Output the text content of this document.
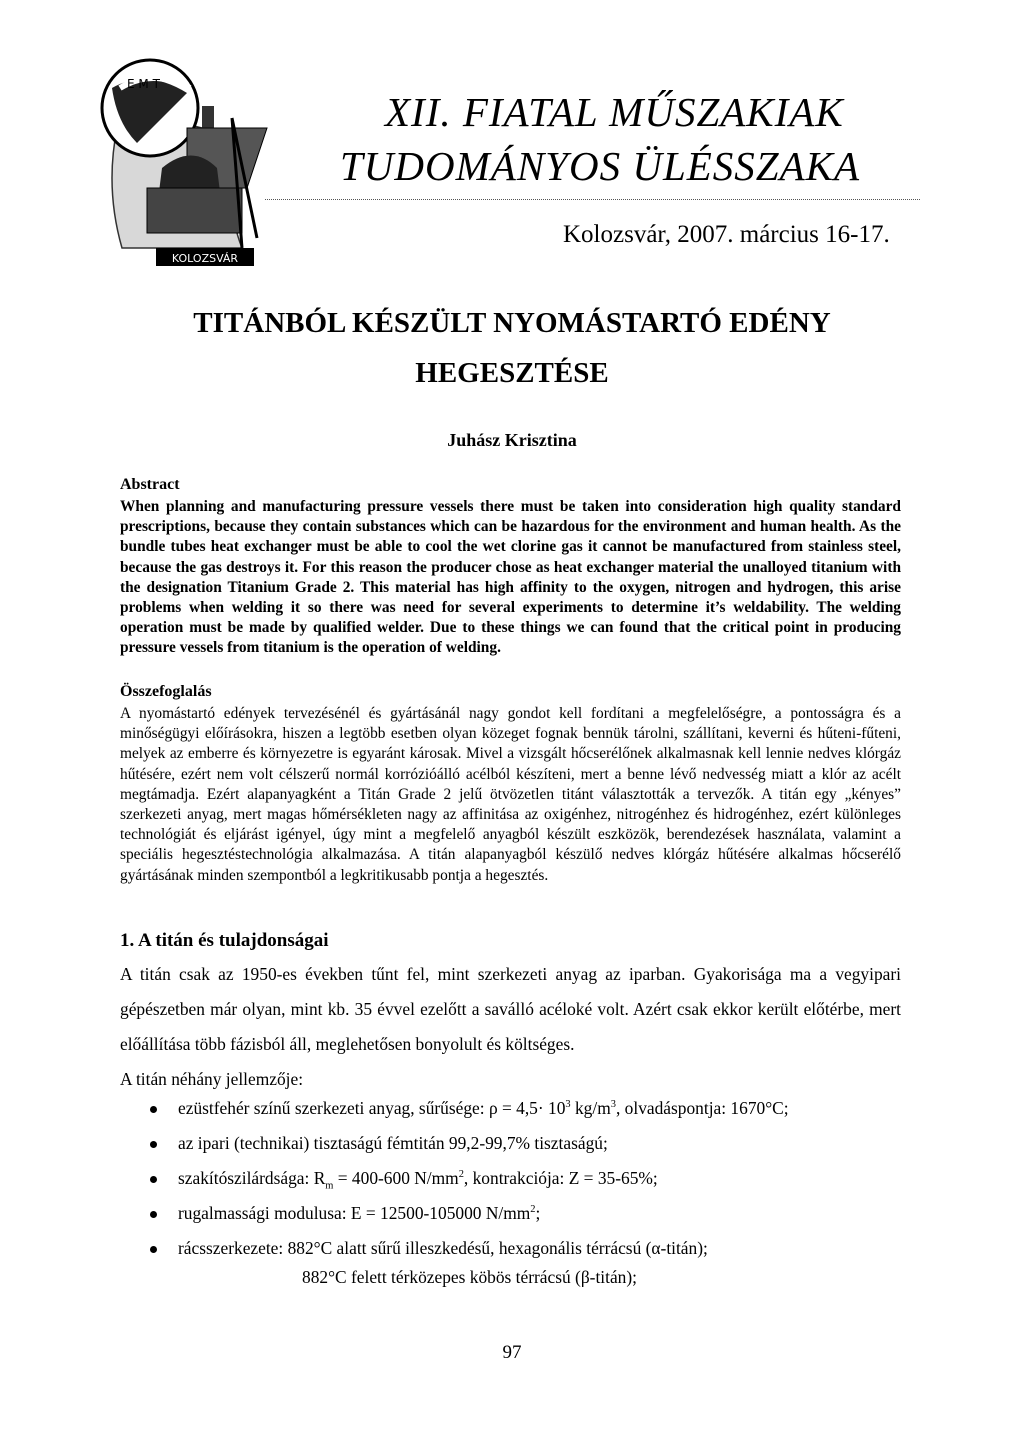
E M T
KOLOZSVÁR
XII. FIATAL MŰSZAKIAK
TUDOMÁNYOS ÜLÉSSZAKA
Kolozsvár, 2007. március 16-17.
TITÁNBÓL KÉSZÜLT NYOMÁSTARTÓ EDÉNY
HEGESZTÉSE
Juhász Krisztina
Abstract
When planning and manufacturing pressure vessels there must be taken into consideration high quality standard prescriptions, because they contain substances which can be hazardous for the environment and human health. As the bundle tubes heat exchanger must be able to cool the wet clorine gas it cannot be manufactured from stainless steel, because the gas destroys it. For this reason the producer chose as heat exchanger material the unalloyed titanium with the designation Titanium Grade 2. This material has high affinity to the oxygen, nitrogen and hydrogen, this arise problems when welding it so there was need for several experiments to determine it’s weldability. The welding operation must be made by qualified welder. Due to these things we can found that the critical point in producing pressure vessels from titanium is the operation of welding.
Összefoglalás
A nyomástartó edények tervezésénél és gyártásánál nagy gondot kell fordítani a megfelelőségre, a pontosságra és a minőségügyi előírásokra, hiszen a legtöbb esetben olyan közeget fognak bennük tárolni, szállítani, keverni és hűteni-fűteni, melyek az emberre és környezetre is egyaránt károsak. Mivel a vizsgált hőcserélőnek alkalmasnak kell lennie nedves klórgáz hűtésére, ezért nem volt célszerű normál korrózióálló acélból készíteni, mert a benne lévő nedvesség miatt a klór az acélt megtámadja. Ezért alapanyagként a Titán Grade 2 jelű ötvözetlen titánt választották a tervezők. A titán egy „kényes” szerkezeti anyag, mert magas hőmérsékleten nagy az affinitása az oxigénhez, nitrogénhez és hidrogénhez, ezért különleges technológiát és eljárást igényel, úgy mint a megfelelő anyagból készült eszközök, berendezések használata, valamint a speciális hegesztéstechnológia alkalmazása. A titán alapanyagból készülő nedves klórgáz hűtésére alkalmas hőcserélő gyártásának minden szempontból a legkritikusabb pontja a hegesztés.
1. A titán és tulajdonságai

A titán csak az 1950-es években tűnt fel, mint szerkezeti anyag az iparban. Gyakorisága ma a vegyipari gépészetben már olyan, mint kb. 35 évvel ezelőtt a saválló acéloké volt. Azért csak ekkor került előtérbe, mert előállítása több fázisból áll, meglehetősen bonyolult és költséges.

A titán néhány jellemzője:

ezüstfehér színű szerkezeti anyag, sűrűsége: $\rho = 4,5\cdot 10^3$ $kg/m^3$, olvadáspontja: 1670°C;
az ipari (technikai) tisztaságú fémtitán 99,2-99,7% tisztaságú;
szakítószilárdsága: $R_m = 400-600$ $N/mm^2$, kontrakciója: Z = 35-65%;
rugalmassági modulusa: E = 12500-105000 $N/mm^2$;
rácsszerkezete: 882°C alatt sűrű illeszkedésű, hexagonális térrácsú (α-titán);
882°C felett térközepes köbös térrácsú (β-titán);
97
